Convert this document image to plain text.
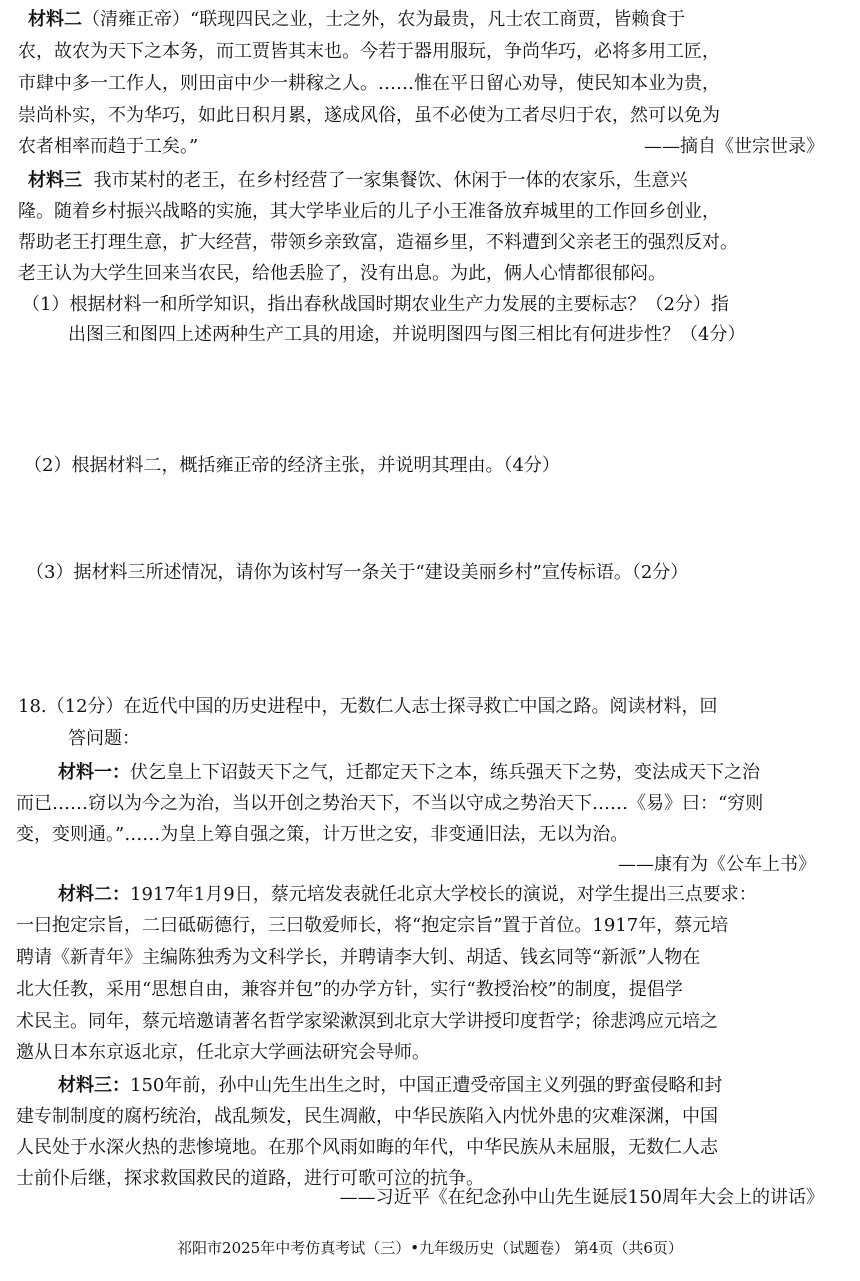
材料二（清雍正帝）“联现四民之业，士之外，农为最贵，凡士农工商贾，皆赖食于
农，故农为天下之本务，而工贾皆其末也。今若于器用服玩，争尚华巧，必将多用工匠，
市肆中多一工作人，则田亩中少一耕稼之人。……惟在平日留心劝导，使民知本业为贵，
崇尚朴实，不为华巧，如此日积月累，遂成风俗，虽不必使为工者尽归于农，然可以免为
农者相率而趋于工矣。”	——摘自《世宗世录》
材料三 我市某村的老王，在乡村经营了一家集餐饮、休闲于一体的农家乐，生意兴
隆。随着乡村振兴战略的实施，其大学毕业后的儿子小王准备放弃城里的工作回乡创业，
帮助老王打理生意，扩大经营，带领乡亲致富，造福乡里，不料遭到父亲老王的强烈反对。
老王认为大学生回来当农民，给他丢脸了，没有出息。为此，俩人心情都很郁闷。
（1）根据材料一和所学知识，指出春秋战国时期农业生产力发展的主要标志？（2分）指
出图三和图四上述两种生产工具的用途，并说明图四与图三相比有何进步性？（4分）
（2）根据材料二，概括雍正帝的经济主张，并说明其理由。（4分）
（3）据材料三所述情况，请你为该村写一条关于“建设美丽乡村”宣传标语。（2分）
18.（12分）在近代中国的历史进程中，无数仁人志士探寻救亡中国之路。阅读材料，回
答问题：
材料一：伏乞皇上下诏鼓天下之气，迁都定天下之本，练兵强天下之势，变法成天下之治
而已……窃以为今之为治，当以开创之势治天下，不当以守成之势治天下……《易》曰：“穷则
变，变则通。”……为皇上筹自强之策，计万世之安，非变通旧法，无以为治。
——康有为《公车上书》
材料二：1917年1月9日，蔡元培发表就任北京大学校长的演说，对学生提出三点要求：
一曰抱定宗旨，二曰砥砺德行，三曰敬爱师长，将“抱定宗旨”置于首位。1917年，蔡元培
聘请《新青年》主编陈独秀为文科学长，并聘请李大钊、胡适、钱玄同等“新派”人物在
北大任教，采用“思想自由，兼容并包”的办学方针，实行“教授治校”的制度，提倡学
术民主。同年，蔡元培邀请著名哲学家梁漱溟到北京大学讲授印度哲学；徐悲鸿应元培之
邀从日本东京返北京，任北京大学画法研究会导师。
材料三：150年前，孙中山先生出生之时，中国正遭受帝国主义列强的野蛮侵略和封
建专制制度的腐朽统治，战乱频发，民生凋敝，中华民族陷入内忧外患的灾难深渊，中国
人民处于水深火热的悲惨境地。在那个风雨如晦的年代，中华民族从未屈服，无数仁人志
士前仆后继，探求救国救民的道路，进行可歌可泣的抗争。
——习近平《在纪念孙中山先生诞辰150周年大会上的讲话》
祁阳市2025年中考仿真考试（三）•九年级历史（试题卷） 第4页（共6页）
